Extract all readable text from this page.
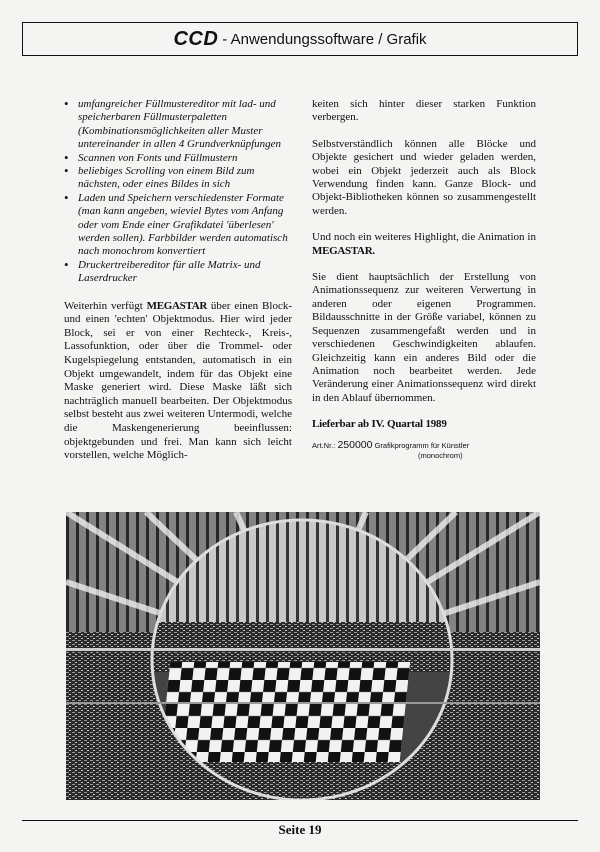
CCD - Anwendungssoftware / Grafik
• umfangreicher Füllmustereditor mit lad- und speicherbaren Füllmusterpaletten (Kombinationsmöglichkeiten aller Muster untereinander in allen 4 Grundverknüpfungen
• Scannen von Fonts und Füllmustern
• beliebiges Scrolling von einem Bild zum nächsten, oder eines Bildes in sich
• Laden und Speichern verschiedenster Formate (man kann angeben, wieviel Bytes vom Anfang oder vom Ende einer Grafikdatei 'überlesen' werden sollen). Farbbilder werden automatisch nach monochrom konvertiert
• Druckertreibereditor für alle Matrix- und Laserdrucker

Weiterhin verfügt MEGASTAR über einen Block- und einen 'echten' Objektmodus. Hier wird jeder Block, sei er von einer Rechteck-, Kreis-, Lassofunktion, oder über die Trommel- oder Kugelspiegelung entstanden, automatisch in ein Objekt umgewandelt, indem für das Objekt eine Maske generiert wird. Diese Maske läßt sich nachträglich manuell bearbeiten. Der Objektmodus selbst besteht aus zwei weiteren Untermodi, welche die Maskengenerierung beeinflussen: objektgebunden und frei. Man kann sich leicht vorstellen, welche Möglich-

keiten sich hinter dieser starken Funktion verbergen.

Selbstverständlich können alle Blöcke und Objekte gesichert und wieder geladen werden, wobei ein Objekt jederzeit auch als Block Verwendung finden kann. Ganze Block- und Objekt-Bibliotheken können so zusammengestellt werden.

Und noch ein weiteres Highlight, die Animation in MEGASTAR.

Sie dient hauptsächlich der Erstellung von Animationssequenz zur weiteren Verwertung in anderen oder eigenen Programmen. Bildausschnitte in der Größe variabel, können zu Sequenzen zusammengefaßt werden und in verschiedenen Geschwindigkeiten ablaufen. Gleichzeitig kann ein anderes Bild oder die Animation noch bearbeitet werden. Jede Veränderung einer Animationssequenz wird direkt in den Ablauf übernommen.

Lieferbar ab IV. Quartal 1989
Art.Nr.: 250000 Grafikprogramm für Künstler
(monochrom)
Seite 19
